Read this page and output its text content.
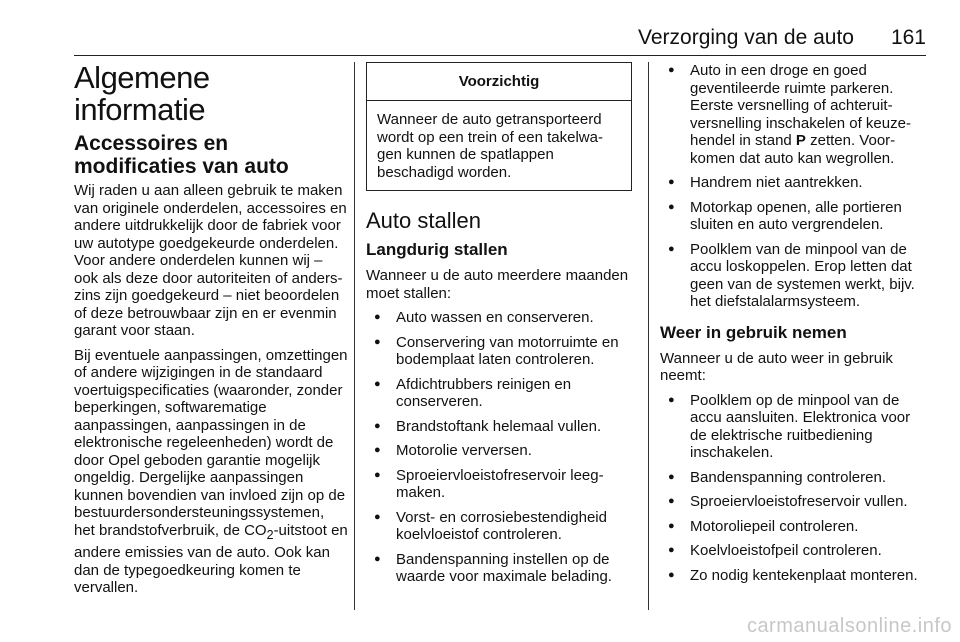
Verzorging van de auto 161
Algemene informatie
Accessoires en modificaties van auto

Wij raden u aan alleen gebruik te maken van originele onderdelen, accessoires en andere uitdrukkelijk door de fabriek voor uw autotype goedgekeurde onderdelen. Voor andere onderdelen kunnen wij – ook als deze door autoriteiten of anderszins zijn goedgekeurd – niet beoordelen of deze betrouwbaar zijn en er evenmin garant voor staan.

Bij eventuele aanpassingen, omzettingen of andere wijzigingen in de standaard voertuigspecificaties (waaronder, zonder beperkingen, softwarematige aanpassingen, aanpassingen in de elektronische regeleenheden) wordt de door Opel geboden garantie mogelijk ongeldig. Dergelijke aanpassingen kunnen bovendien van invloed zijn op de bestuurdersondersteuningssystemen, het brandstofverbruik, de $CO_2$-uitstoot en andere emissies van de auto. Ook kan dan de typegoedkeuring komen te vervallen.

Voorzichtig
Wanneer de auto getransporteerd wordt op een trein of een takelwagen kunnen de spatlappen beschadigd worden.
Auto stallen
Langdurig stallen

Wanneer u de auto meerdere maanden moet stallen:

● Auto wassen en conserveren.
● Conservering van motorruimte en bodemplaat laten controleren.
● Afdichtrubbers reinigen en conserveren.
● Brandstoftank helemaal vullen.
● Motorolie verversen.
● Sproeiervloeistofreservoir leegmaken.
● Vorst- en corrosiebestendigheid koelvloeistof controleren.
● Bandenspanning instellen op de waarde voor maximale belading.
● Auto in een droge en goed geventileerde ruimte parkeren. Eerste versnelling of achteruitversnelling inschakelen of keuzehendel in stand P zetten. Voorkomen dat auto kan wegrollen.
● Handrem niet aantrekken.
● Motorkap openen, alle portieren sluiten en auto vergrendelen.
● Poolklem van de minpool van de accu loskoppelen. Erop letten dat geen van de systemen werkt, bijv. het diefstalalarmsysteem.
Weer in gebruik nemen

Wanneer u de auto weer in gebruik neemt:

● Poolklem op de minpool van de accu aansluiten. Elektronica voor de elektrische ruitbediening inschakelen.
● Bandenspanning controleren.
● Sproeiervloeistofreservoir vullen.
● Motoroliepeil controleren.
● Koelvloeistofpeil controleren.
● Zo nodig kentekenplaat monteren.
carmanualsonline.info
